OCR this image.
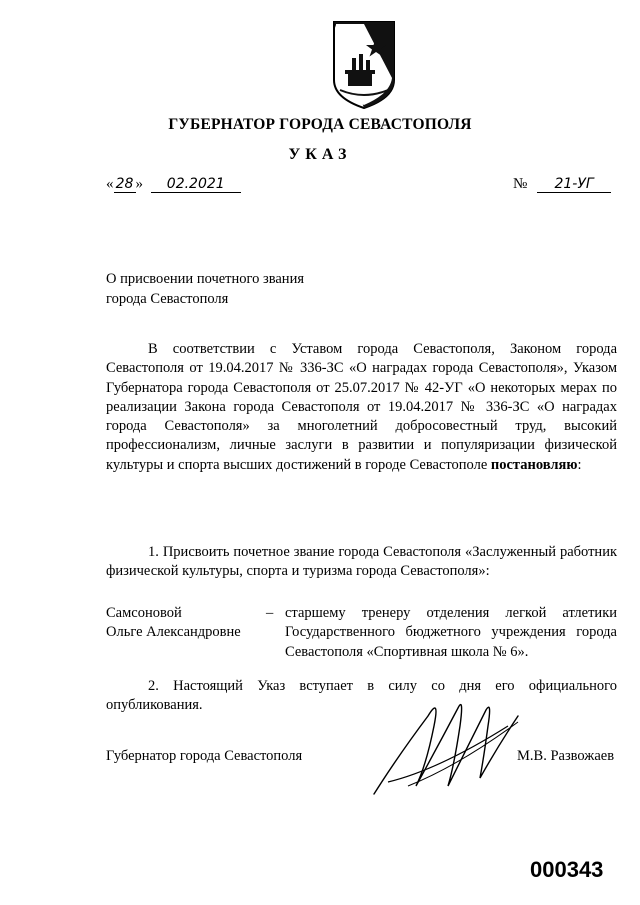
ГУБЕРНАТОР ГОРОДА СЕВАСТОПОЛЯ
УКАЗ
« 28 » 02.2021	№ 21-УГ
О присвоении почетного звания
города Севастополя
В соответствии с Уставом города Севастополя, Законом города Севастополя от 19.04.2017 № 336-ЗС «О наградах города Севастополя», Указом Губернатора города Севастополя от 25.07.2017 № 42-УГ «О некоторых мерах по реализации Закона города Севастополя от 19.04.2017 № 336-ЗС «О наградах города Севастополя» за многолетний добросовестный труд, высокий профессионализм, личные заслуги в развитии и популяризации физической культуры и спорта высших достижений в городе Севастополе постановляю:
1. Присвоить почетное звание города Севастополя «Заслуженный работник физической культуры, спорта и туризма города Севастополя»:
Самсоновой
Ольге Александровне
– старшему тренеру отделения легкой атлетики Государственного бюджетного учреждения города Севастополя «Спортивная школа № 6».
2. Настоящий Указ вступает в силу со дня его официального опубликования.
Губернатор города Севастополя	М.В. Развожаев
000343
